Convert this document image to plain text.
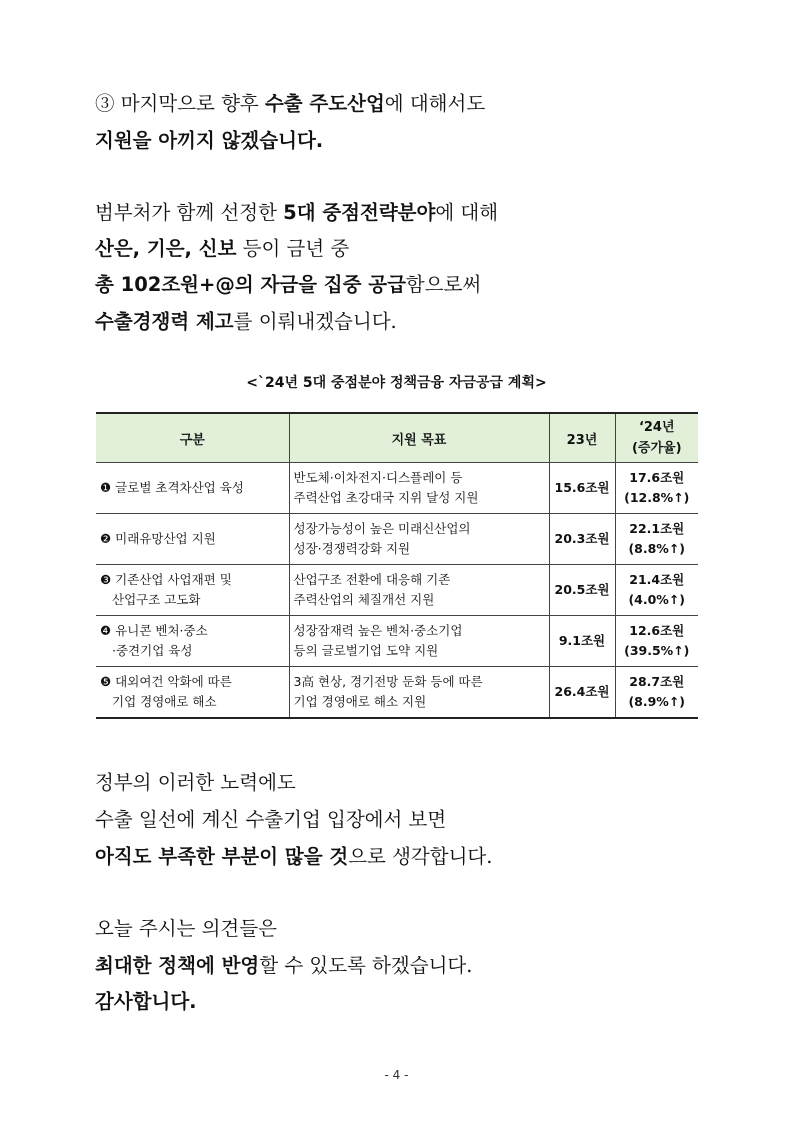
③ 마지막으로 향후 수출 주도산업에 대해서도
지원을 아끼지 않겠습니다.
범부처가 함께 선정한 5대 중점전략분야에 대해
산은, 기은, 신보 등이 금년 중
총 102조원+@의 자금을 집중 공급함으로써
수출경쟁력 제고를 이뤄내겠습니다.
<`24년 5대 중점분야 정책금융 자금공급 계획>
구분	지원 목표	23년	‘24년
(증가율)

❶ 글로벌 초격차산업 육성	반도체·이차전지·디스플레이 등
주력산업 초강대국 지위 달성 지원	15.6조원	17.6조원
(12.8%↑)

❷ 미래유망산업 지원	성장가능성이 높은 미래신산업의
성장·경쟁력강화 지원	20.3조원	22.1조원
(8.8%↑)

❸ 기존산업 사업재편 및
산업구조 고도화	산업구조 전환에 대응해 기존
주력산업의 체질개선 지원	20.5조원	21.4조원
(4.0%↑)

❹ 유니콘 벤처·중소
·중견기업 육성	성장잠재력 높은 벤처·중소기업
등의 글로벌기업 도약 지원	9.1조원	12.6조원
(39.5%↑)

❺ 대외여건 악화에 따른
기업 경영애로 해소	3高 현상, 경기전망 둔화 등에 따른
기업 경영애로 해소 지원	26.4조원	28.7조원
(8.9%↑)
정부의 이러한 노력에도
수출 일선에 계신 수출기업 입장에서 보면
아직도 부족한 부분이 많을 것으로 생각합니다.
오늘 주시는 의견들은
최대한 정책에 반영할 수 있도록 하겠습니다.
감사합니다.
- 4 -
